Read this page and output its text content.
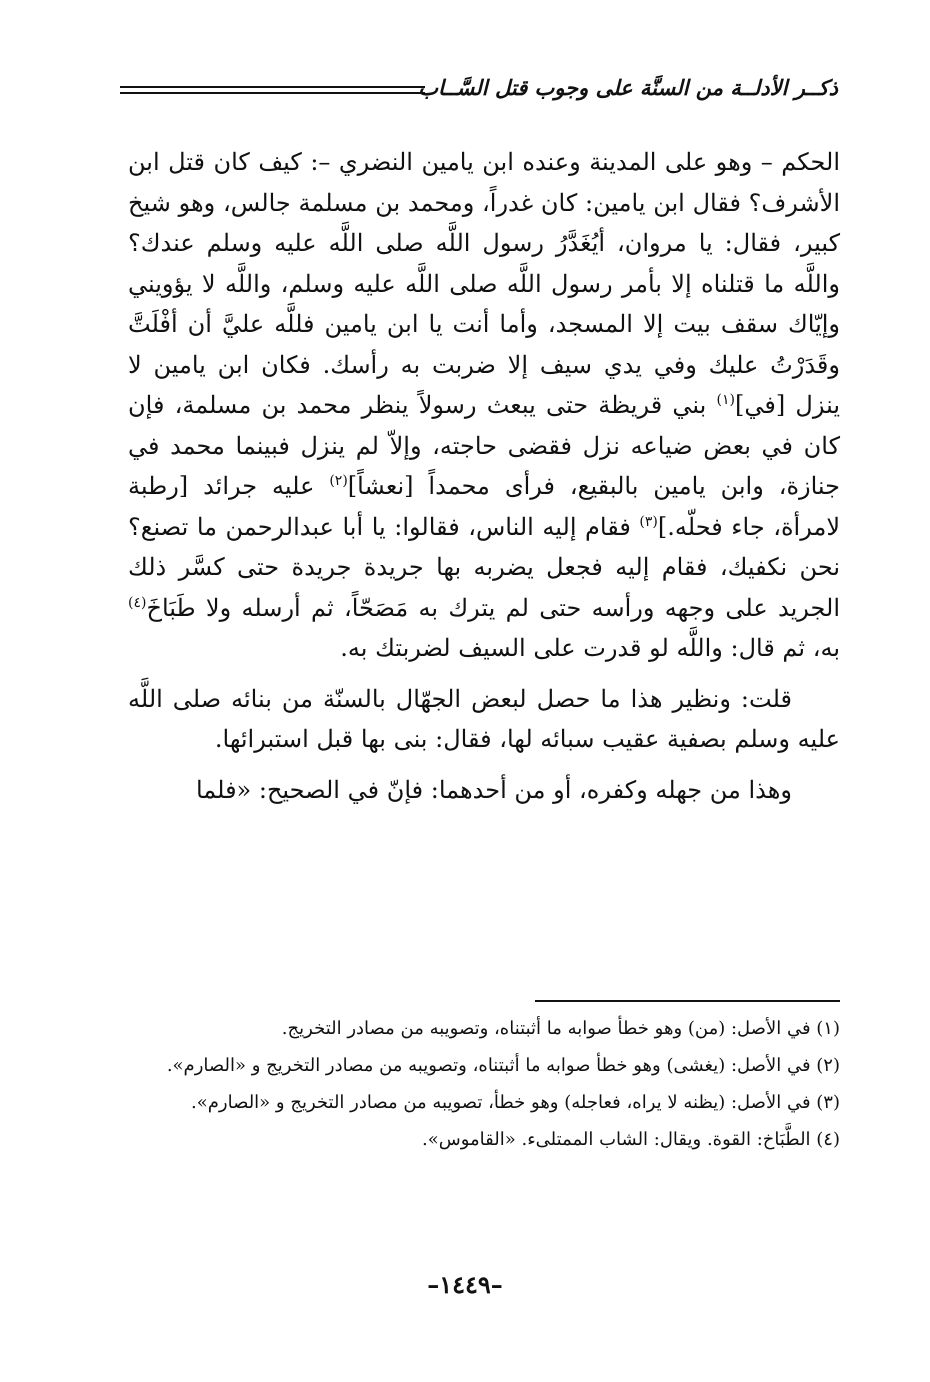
ذكــر الأدلــة من السنَّة على وجوب قتل السَّــاب

الحكم – وهو على المدينة وعنده ابن يامين النضري –: كيف كان قتل ابن الأشرف؟ فقال ابن يامين: كان غدراً، ومحمد بن مسلمة جالس، وهو شيخ كبير، فقال: يا مروان، أيُغَدَّرُ رسول اللَّه صلى اللَّه عليه وسلم عندك؟ واللَّه ما قتلناه إلا بأمر رسول اللَّه صلى اللَّه عليه وسلم، واللَّه لا يؤويني وإيّاك سقف بيت إلا المسجد، وأما أنت يا ابن يامين فللَّه عليَّ أن أفْلَتَّ وقَدَرْتُ عليك وفي يدي سيف إلا ضربت به رأسك. فكان ابن يامين لا ينزل [في]$^{(١)}$ بني قريظة حتى يبعث رسولاً ينظر محمد بن مسلمة، فإن كان في بعض ضياعه نزل فقضى حاجته، وإلاّ لم ينزل فبينما محمد في جنازة، وابن يامين بالبقيع، فرأى محمداً [نعشاً]$^{(٢)}$ عليه جرائد [رطبة لامرأة، جاء فحلّه.]$^{(٣)}$ فقام إليه الناس، فقالوا: يا أبا عبدالرحمن ما تصنع؟ نحن نكفيك، فقام إليه فجعل يضربه بها جريدة جريدة حتى كسَّر ذلك الجريد على وجهه ورأسه حتى لم يترك به مَصَحّاً، ثم أرسله ولا طَبَاخَ$^{(٤)}$ به، ثم قال: واللَّه لو قدرت على السيف لضربتك به.

قلت: ونظير هذا ما حصل لبعض الجهّال بالسنّة من بنائه صلى اللَّه عليه وسلم بصفية عقيب سبائه لها، فقال: بنى بها قبل استبرائها.

وهذا من جهله وكفره، أو من أحدهما: فإنّ في الصحيح: «فلما

(١) في الأصل: (من) وهو خطأ صوابه ما أثبتناه، وتصويبه من مصادر التخريج.

(٢) في الأصل: (يغشى) وهو خطأ صوابه ما أثبتناه، وتصويبه من مصادر التخريج و «الصارم».

(٣) في الأصل: (يظنه لا يراه، فعاجله) وهو خطأ، تصويبه من مصادر التخريج و «الصارم».

(٤) الطَّبَاخ: القوة. ويقال: الشاب الممتلىء. «القاموس».

–١٤٤٩–
